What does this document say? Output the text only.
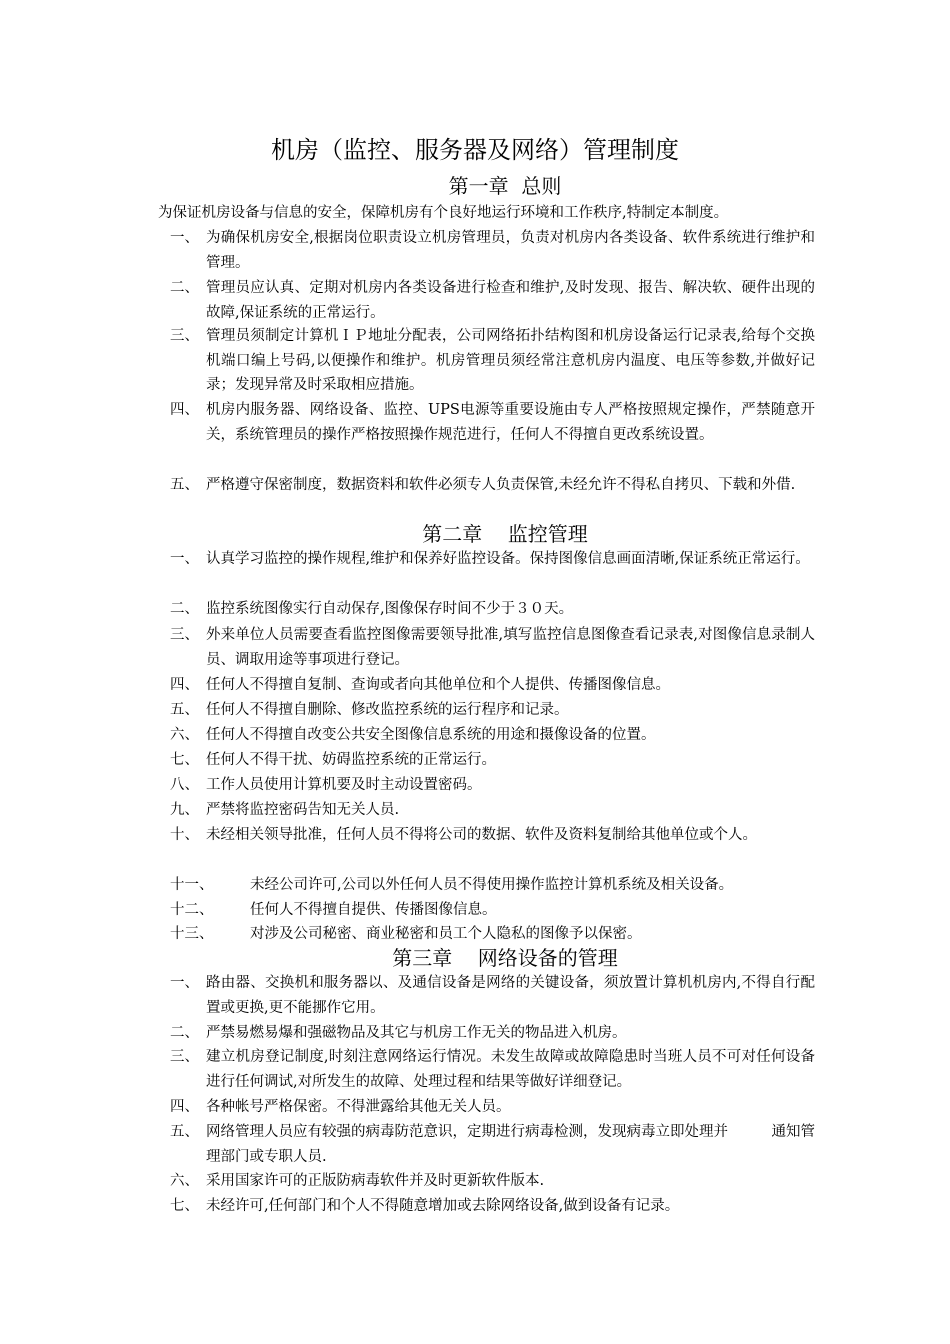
机房（监控、服务器及网络）管理制度
第一章  总则
为保证机房设备与信息的安全，保障机房有个良好地运行环境和工作秩序,特制定本制度。
一、 为确保机房安全,根据岗位职责设立机房管理员，负责对机房内各类设备、软件系统进行维护和管理。
二、 管理员应认真、定期对机房内各类设备进行检查和维护,及时发现、报告、解决软、硬件出现的故障,保证系统的正常运行。
三、 管理员须制定计算机ＩＰ地址分配表，公司网络拓扑结构图和机房设备运行记录表,给每个交换机端口编上号码,以便操作和维护。机房管理员须经常注意机房内温度、电压等参数,并做好记录；发现异常及时采取相应措施。
四、 机房内服务器、网络设备、监控、UPS电源等重要设施由专人严格按照规定操作，严禁随意开关，系统管理员的操作严格按照操作规范进行，任何人不得擅自更改系统设置。
五、 严格遵守保密制度，数据资料和软件必须专人负责保管,未经允许不得私自拷贝、下载和外借.
第二章    监控管理
一、 认真学习监控的操作规程,维护和保养好监控设备。保持图像信息画面清晰,保证系统正常运行。
二、 监控系统图像实行自动保存,图像保存时间不少于３０天。
三、 外来单位人员需要查看监控图像需要领导批准,填写监控信息图像查看记录表,对图像信息录制人员、调取用途等事项进行登记。
四、 任何人不得擅自复制、查询或者向其他单位和个人提供、传播图像信息。
五、 任何人不得擅自删除、修改监控系统的运行程序和记录。
六、 任何人不得擅自改变公共安全图像信息系统的用途和摄像设备的位置。
七、 任何人不得干扰、妨碍监控系统的正常运行。
八、 工作人员使用计算机要及时主动设置密码。
九、 严禁将监控密码告知无关人员.
十、 未经相关领导批准，任何人员不得将公司的数据、软件及资料复制给其他单位或个人。
十一、	未经公司许可,公司以外任何人员不得使用操作监控计算机系统及相关设备。
十二、	任何人不得擅自提供、传播图像信息。
十三、	对涉及公司秘密、商业秘密和员工个人隐私的图像予以保密。
第三章    网络设备的管理
一、 路由器、交换机和服务器以、及通信设备是网络的关键设备，须放置计算机机房内,不得自行配置或更换,更不能挪作它用。
二、 严禁易燃易爆和强磁物品及其它与机房工作无关的物品进入机房。
三、 建立机房登记制度,时刻注意网络运行情况。未发生故障或故障隐患时当班人员不可对任何设备进行任何调试,对所发生的故障、处理过程和结果等做好详细登记。
四、 各种帐号严格保密。不得泄露给其他无关人员。
五、 网络管理人员应有较强的病毒防范意识，定期进行病毒检测，发现病毒立即处理并　　　通知管理部门或专职人员.
六、 采用国家许可的正版防病毒软件并及时更新软件版本.
七、 未经许可,任何部门和个人不得随意增加或去除网络设备,做到设备有记录。
